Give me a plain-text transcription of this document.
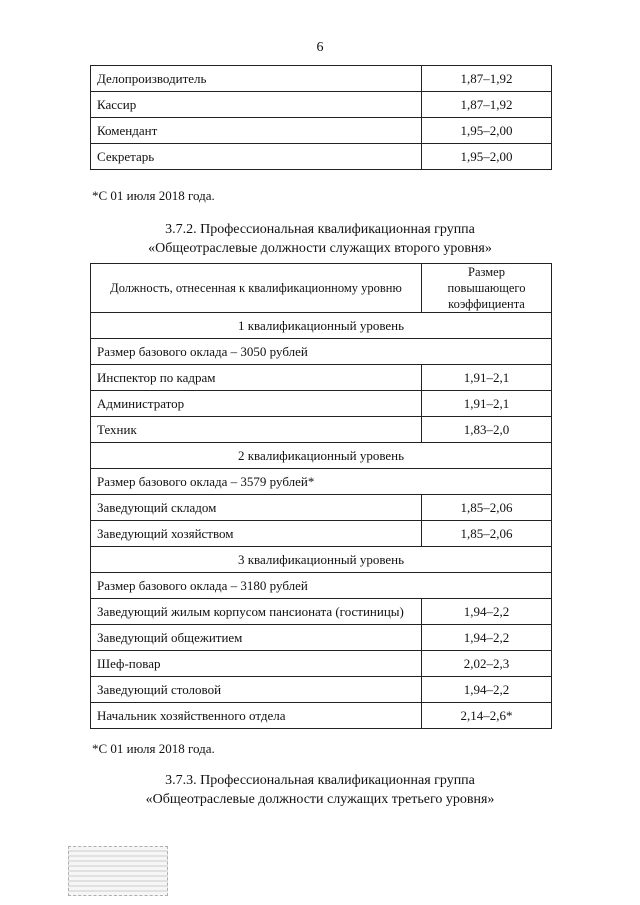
6
Делопроизводитель	1,87–1,92
Кассир	1,87–1,92
Комендант	1,95–2,00
Секретарь	1,95–2,00
*С 01 июля 2018 года.
3.7.2. Профессиональная квалификационная группа
«Общеотраслевые должности служащих второго уровня»
Должность, отнесенная к квалификационному уровню	Размер повышающего коэффициента
1 квалификационный уровень	
Размер базового оклада – 3050 рублей	
Инспектор по кадрам	1,91–2,1
Администратор	1,91–2,1
Техник	1,83–2,0
2 квалификационный уровень	
Размер базового оклада – 3579 рублей*	
Заведующий складом	1,85–2,06
Заведующий хозяйством	1,85–2,06
3 квалификационный уровень	
Размер базового оклада – 3180 рублей	
Заведующий жилым корпусом пансионата (гостиницы)	1,94–2,2
Заведующий общежитием	1,94–2,2
Шеф-повар	2,02–2,3
Заведующий столовой	1,94–2,2
Начальник хозяйственного отдела	2,14–2,6*
*С 01 июля 2018 года.
3.7.3. Профессиональная квалификационная группа
«Общеотраслевые должности служащих третьего уровня»
